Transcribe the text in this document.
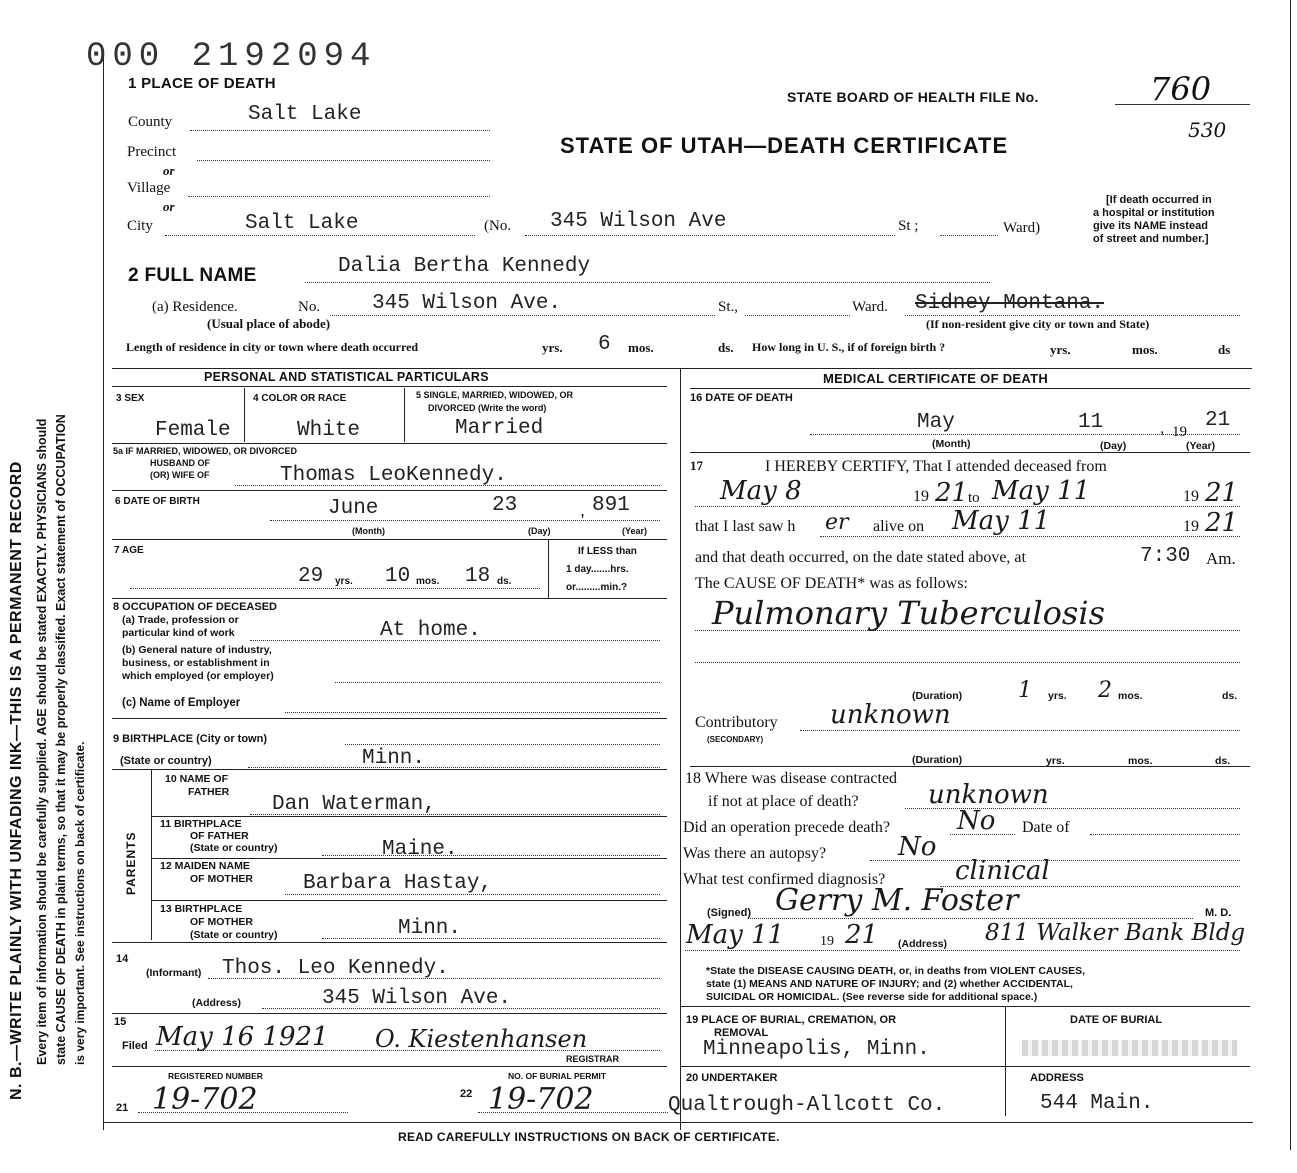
N. B.—WRITE PLAINLY WITH UNFADING INK—THIS IS A PERMANENT RECORD Every item of information should be carefully supplied. AGE should be stated EXACTLY. PHYSICIANS should state CAUSE OF DEATH in plain terms, so that it may be properly classified. Exact statement of OCCUPATION is very important. See instructions on back of certificate.
000 2192094
1 PLACE OF DEATH
STATE BOARD OF HEALTH FILE No.	760
530
STATE OF UTAH—DEATH CERTIFICATE
[If death occurred in
a hospital or institution
give its NAME instead
of street and number.]
County	Salt Lake
Precinct
or
Village
or
City	Salt Lake	(No. 345 Wilson Ave	St ;	Ward)
2 FULL NAME	Dalia Bertha Kennedy
(a) Residence.	No. 345 Wilson Ave.	St.,	Ward. Sidney Montana.
(Usual place of abode)	(If non-resident give city or town and State)
Length of residence in city or town where death occurred	yrs. 6 mos.	ds. How long in U. S., if of foreign birth ?	yrs.	mos.	ds
PERSONAL AND STATISTICAL PARTICULARS	MEDICAL CERTIFICATE OF DEATH
3 SEX	4 COLOR OR RACE	5 SINGLE, MARRIED, WIDOWED, OR
DIVORCED (Write the word)
Female	White	Married
5a IF MARRIED, WIDOWED, OR DIVORCED
HUSBAND OF
(OR) WIFE OF	Thomas LeoKennedy.
6 DATE OF BIRTH	June	23	, 891
(Month)	(Day)	(Year)
7 AGE
29 yrs. 10 mos. 18 ds.
If LESS than
1 day.......hrs.
or.........min.?
8 OCCUPATION OF DECEASED
(a) Trade, profession or
particular kind of work	At home.
(b) General nature of industry,
business, or establishment in
which employed (or employer)
(c) Name of Employer
9 BIRTHPLACE (City or town)
(State or country)	Minn.
PARENTS
10 NAME OF
FATHER
Dan Waterman,
11 BIRTHPLACE
OF FATHER
(State or country)	Maine.
12 MAIDEN NAME
OF MOTHER Barbara Hastay,
13 BIRTHPLACE
OF MOTHER
(State or country)	Minn.
14
(Informant) Thos. Leo Kennedy.
(Address)	345 Wilson Ave.
15
Filed May 16 1921 O. Kiestenhansen
REGISTRAR
REGISTERED NUMBER
21 19-702
NO. OF BURIAL PERMIT
22 19-702
16 DATE OF DEATH
May	11	, 19 21
(Month)	(Day)	(Year)
17	I HEREBY CERTIFY, That I attended deceased from
May 8	19 21 to May 11	19 21
that I last saw h er alive on May 11	19 21
and that death occurred, on the date stated above, at	7:30 Am.
The CAUSE OF DEATH* was as follows:
Pulmonary Tuberculosis
(Duration)	1 yrs. 2 mos.	ds.
Contributory
(SECONDARY)
unknown
(Duration)	yrs.	mos.	ds.
18 Where was disease contracted
if not at place of death?	unknown
Did an operation precede death?	No Date of
Was there an autopsy?	No
What test confirmed diagnosis?	clinical
(Signed) Gerry M. Foster	M. D.
May 11	19 21 (Address) 811 Walker Bank Bldg
*State the DISEASE CAUSING DEATH, or, in deaths from VIOLENT CAUSES,
state (1) MEANS AND NATURE OF INJURY; and (2) whether ACCIDENTAL,
SUICIDAL OR HOMICIDAL. (See reverse side for additional space.)
19 PLACE OF BURIAL, CREMATION, OR
REMOVAL
Minneapolis, Minn.
DATE OF BURIAL
20 UNDERTAKER
Qualtrough-Allcott Co.
ADDRESS
544 Main.
READ CAREFULLY INSTRUCTIONS ON BACK OF CERTIFICATE.
